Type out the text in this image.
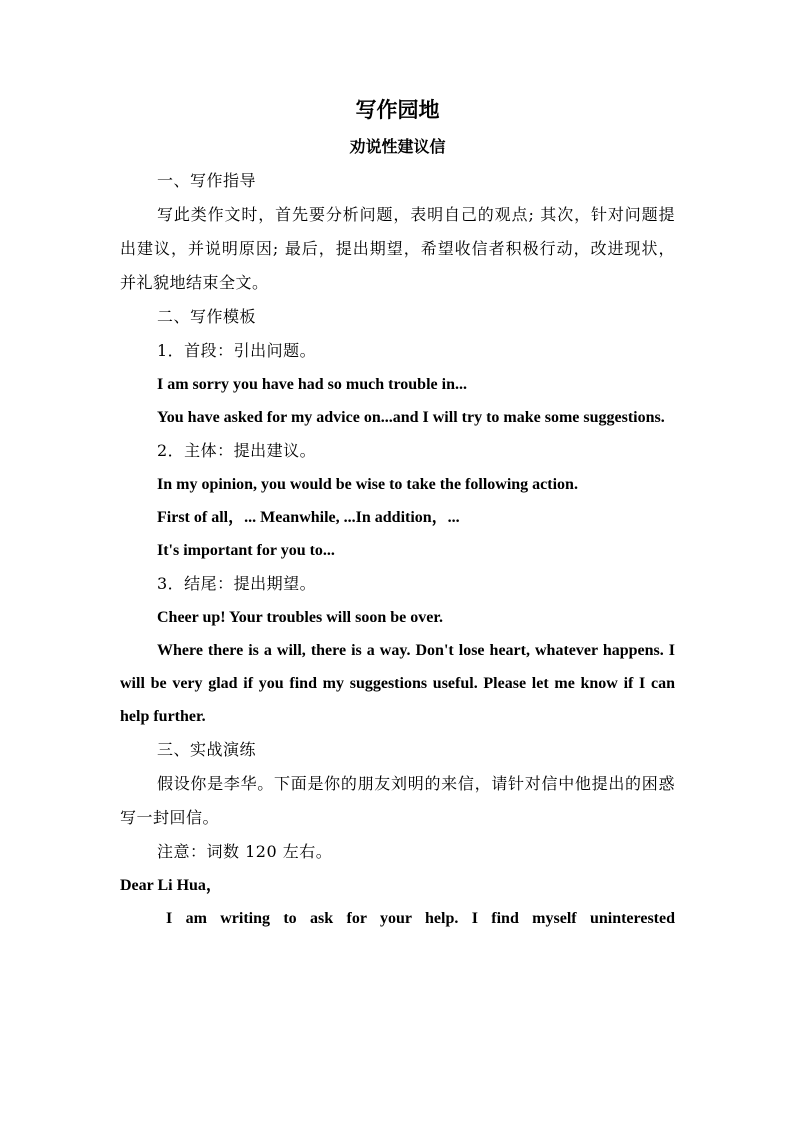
写作园地

劝说性建议信

一、写作指导

写此类作文时，首先要分析问题，表明自己的观点; 其次，针对问题提出建议，并说明原因; 最后，提出期望，希望收信者积极行动，改进现状，并礼貌地结束全文。

二、写作模板

1．首段：引出问题。

I am sorry you have had so much trouble in...

You have asked for my advice on...and I will try to make some suggestions.

2．主体：提出建议。

In my opinion, you would be wise to take the following action.

First of all，... Meanwhile, ...In addition，...

It's important for you to...

3．结尾：提出期望。

Cheer up! Your troubles will soon be over.

Where there is a will, there is a way. Don't lose heart, whatever happens. I will be very glad if you find my suggestions useful. Please let me know if I can help further.

三、实战演练

假设你是李华。下面是你的朋友刘明的来信，请针对信中他提出的困惑写一封回信。

注意：词数 120 左右。

Dear Li Hua，

I am writing to ask for your help. I find myself uninterested
